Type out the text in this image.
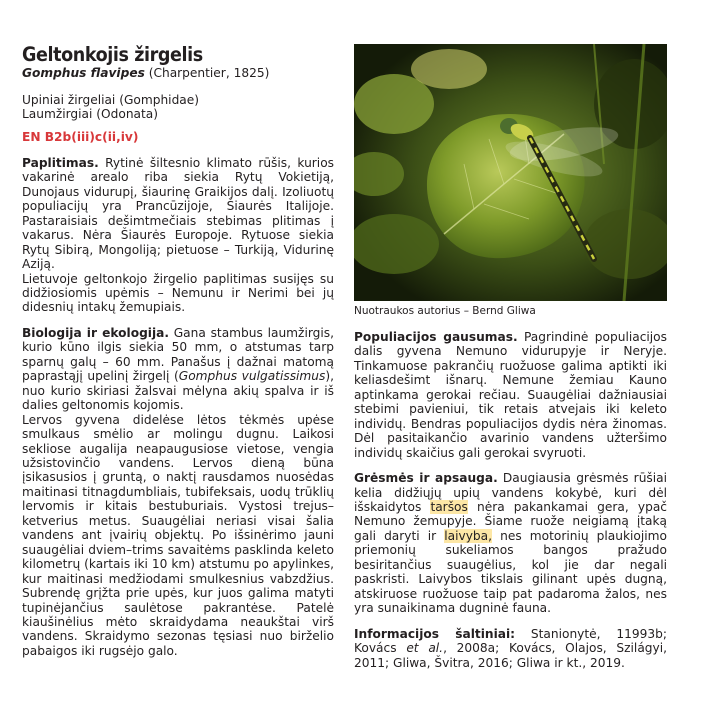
Geltonkojis žirgelis
Gomphus flavipes (Charpentier, 1825)
Upiniai žirgeliai (Gomphidae)
Laumžirgiai (Odonata)
EN B2b(iii)c(ii,iv)

Paplitimas. Rytinė šiltesnio klimato rūšis, kurios vakarinė arealo riba siekia Rytų Vokietiją, Dunojaus vidurupį, šiaurinę Graikijos dalį. Izoliuotų populiacijų yra Prancūzijoje, Šiaurės Italijoje. Pastaraisiais dešimtmečiais stebimas plitimas į vakarus. Nėra Šiaurės Europoje. Rytuose siekia Rytų Sibirą, Mongoliją; pietuose – Turkiją, Vidurinę Aziją.

Lietuvoje geltonkojo žirgelio paplitimas susijęs su didžiosiomis upėmis – Nemunu ir Nerimi bei jų didesnių intakų žemupiais.

Biologija ir ekologija. Gana stambus laumžirgis, kurio kūno ilgis siekia 50 mm, o atstumas tarp sparnų galų – 60 mm. Panašus į dažnai matomą paprastąjį upelinį žirgelį (Gomphus vulgatissimus), nuo kurio skiriasi žalsvai mėlyna akių spalva ir iš dalies geltonomis kojomis.

Lervos gyvena didelėse lėtos tėkmės upėse smulkaus smėlio ar molingu dugnu. Laikosi sekliose augalija neapaugusiose vietose, vengia užsistovinčio vandens. Lervos dieną būna įsikasusios į gruntą, o naktį rausdamos nuosėdas maitinasi titnagdumbliais, tubifeksais, uodų trūklių lervomis ir kitais bestuburiais. Vystosi trejus–ketverius metus. Suaugėliai neriasi visai šalia vandens ant įvairių objektų. Po išsinėrimo jauni suaugėliai dviem–trims savaitėms pasklinda keleto kilometrų (kartais iki 10 km) atstumu po apylinkes, kur maitinasi medžiodami smulkesnius vabzdžius. Subrendę grįžta prie upės, kur juos galima matyti tupinėjančius saulėtose pakrantėse. Patelė kiaušinėlius mėto skraidydama neaukštai virš vandens. Skraidymo sezonas tęsiasi nuo birželio pabaigos iki rugsėjo galo.

Nuotraukos autorius – Bernd Gliwa

Populiacijos gausumas. Pagrindinė populiacijos dalis gyvena Nemuno vidurupyje ir Neryje. Tinkamuose pakrančių ruožuose galima aptikti iki keliasdešimt išnarų. Nemune žemiau Kauno aptinkama gerokai rečiau. Suaugėliai dažniausiai stebimi pavieniui, tik retais atvejais iki keleto individų. Bendras populiacijos dydis nėra žinomas. Dėl pasitaikančio avarinio vandens užteršimo individų skaičius gali gerokai svyruoti.

Grėsmės ir apsauga. Daugiausia grėsmės rūšiai kelia didžiųjų upių vandens kokybė, kuri dėl išskaidytos taršos nėra pakankamai gera, ypač Nemuno žemupyje. Šiame ruože neigiamą įtaką gali daryti ir laivyba, nes motorinių plaukiojimo priemonių sukeliamos bangos pražudo besiritančius suaugėlius, kol jie dar negali paskristi. Laivybos tikslais gilinant upės dugną, atskiruose ruožuose taip pat padaroma žalos, nes yra sunaikinama dugninė fauna.

Informacijos šaltiniai: Stanionytė, 11993b; Kovács et al., 2008a; Kovács, Olajos, Szilágyi, 2011; Gliwa, Švitra, 2016; Gliwa ir kt., 2019.
